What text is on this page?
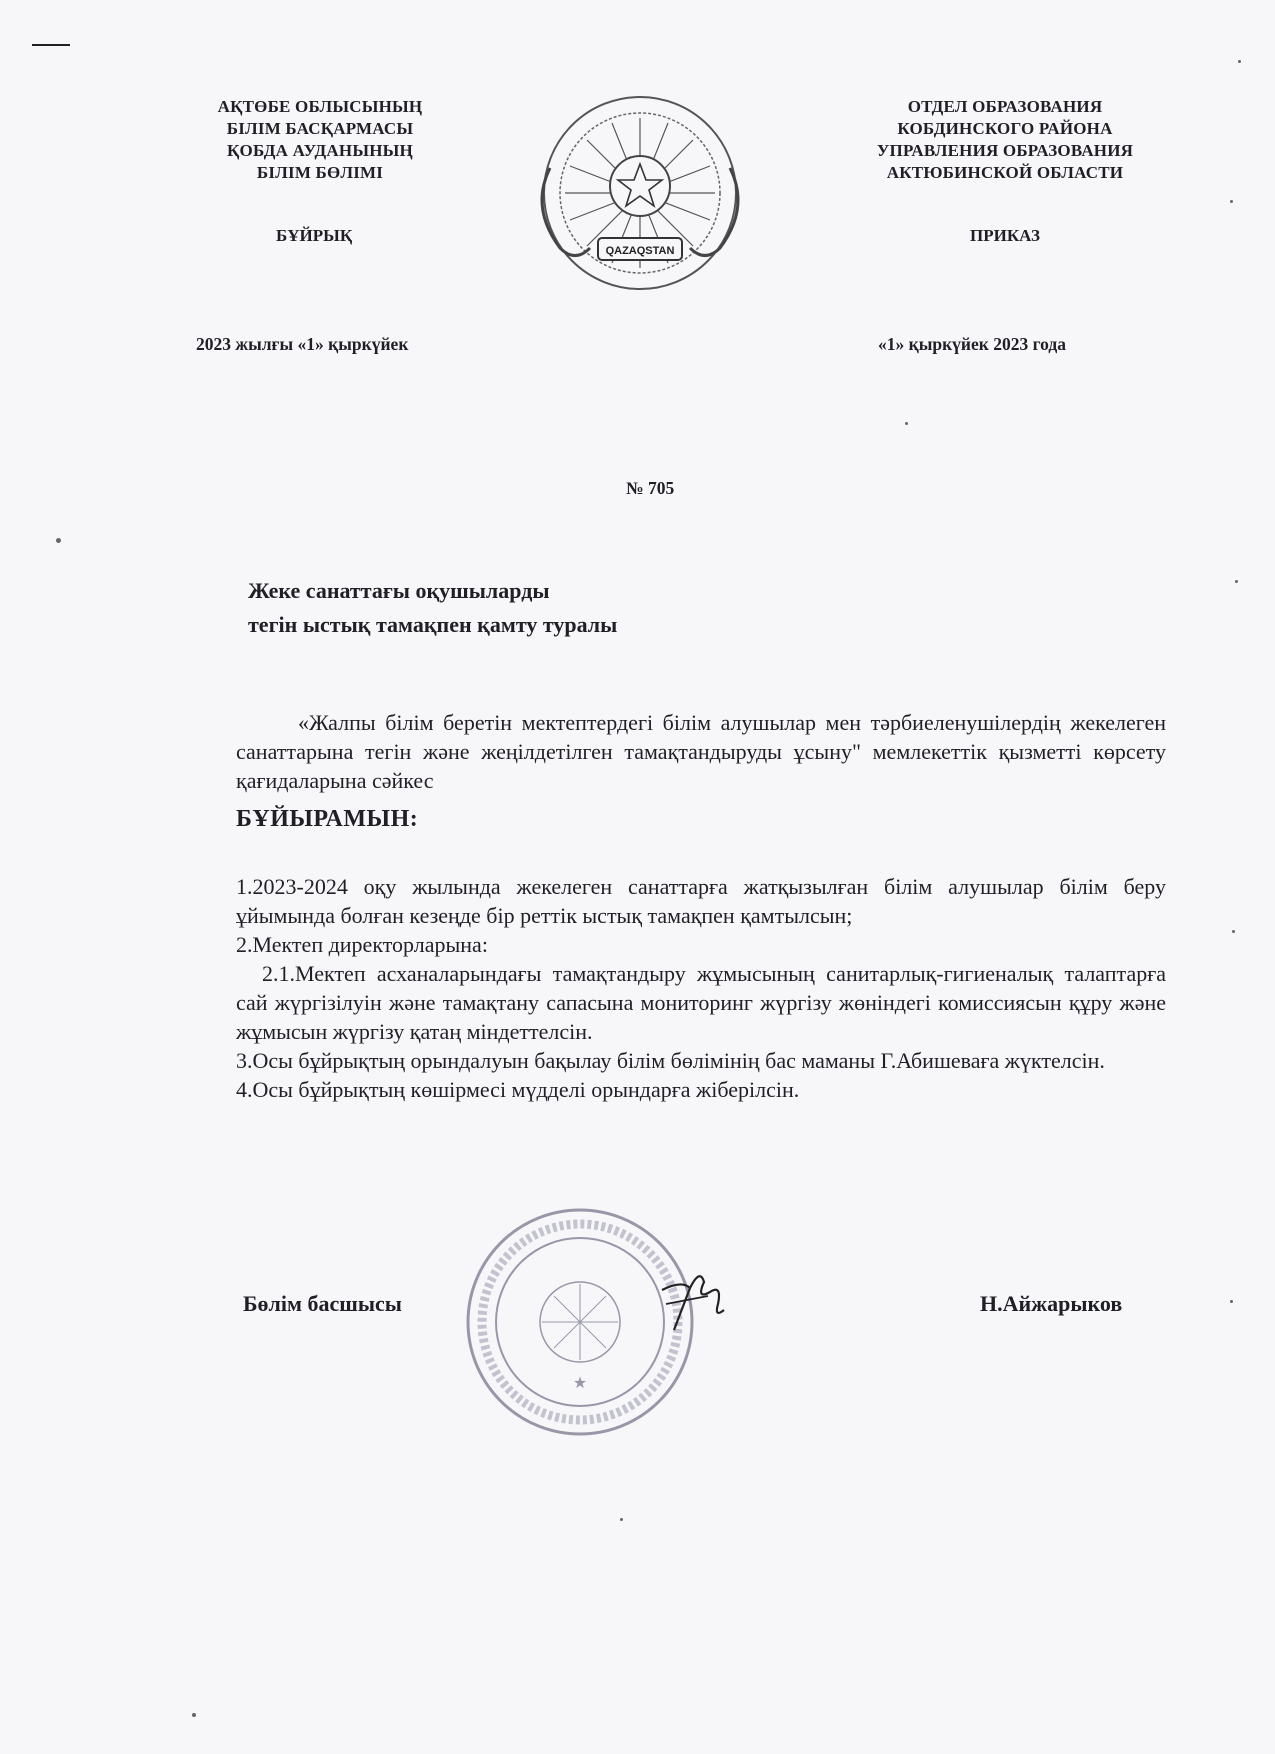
АҚТӨБЕ ОБЛЫСЫНЫҢ
БІЛІМ БАСҚАРМАСЫ
ҚОБДА АУДАНЫНЫҢ
БІЛІМ БӨЛІМІ
ОТДЕЛ ОБРАЗОВАНИЯ
КОБДИНСКОГО РАЙОНА
УПРАВЛЕНИЯ ОБРАЗОВАНИЯ
АКТЮБИНСКОЙ ОБЛАСТИ
QAZAQSTAN
БҰЙРЫҚ	ПРИКАЗ
2023 жылғы «1» қыркүйек	«1» қыркүйек 2023 года
№ 705
Жеке санаттағы оқушыларды
тегін ыстық тамақпен қамту туралы
«Жалпы білім беретін мектептердегі білім алушылар мен тәрбиеленушілердің жекелеген санаттарына тегін және жеңілдетілген тамақтандыруды ұсыну" мемлекеттік қызметті көрсету қағидаларына сәйкес
БҰЙЫРАМЫН:

1.2023-2024 оқу жылында жекелеген санаттарға жатқызылған білім алушылар білім беру ұйымында болған кезеңде бір реттік ыстық тамақпен қамтылсын;

2.Мектеп директорларына:

2.1.Мектеп асханаларындағы тамақтандыру жұмысының санитарлық-гигиеналық талаптарға сай жүргізілуін және тамақтану сапасына мониторинг жүргізу жөніндегі комиссиясын құру және жұмысын жүргізу қатаң міндеттелсін.

3.Осы бұйрықтың орындалуын бақылау білім бөлімінің бас маманы Г.Абишеваға жүктелсін.

4.Осы бұйрықтың көшірмесі мүдделі орындарға жіберілсін.

★
Бөлім басшысы	Н.Айжарыков
